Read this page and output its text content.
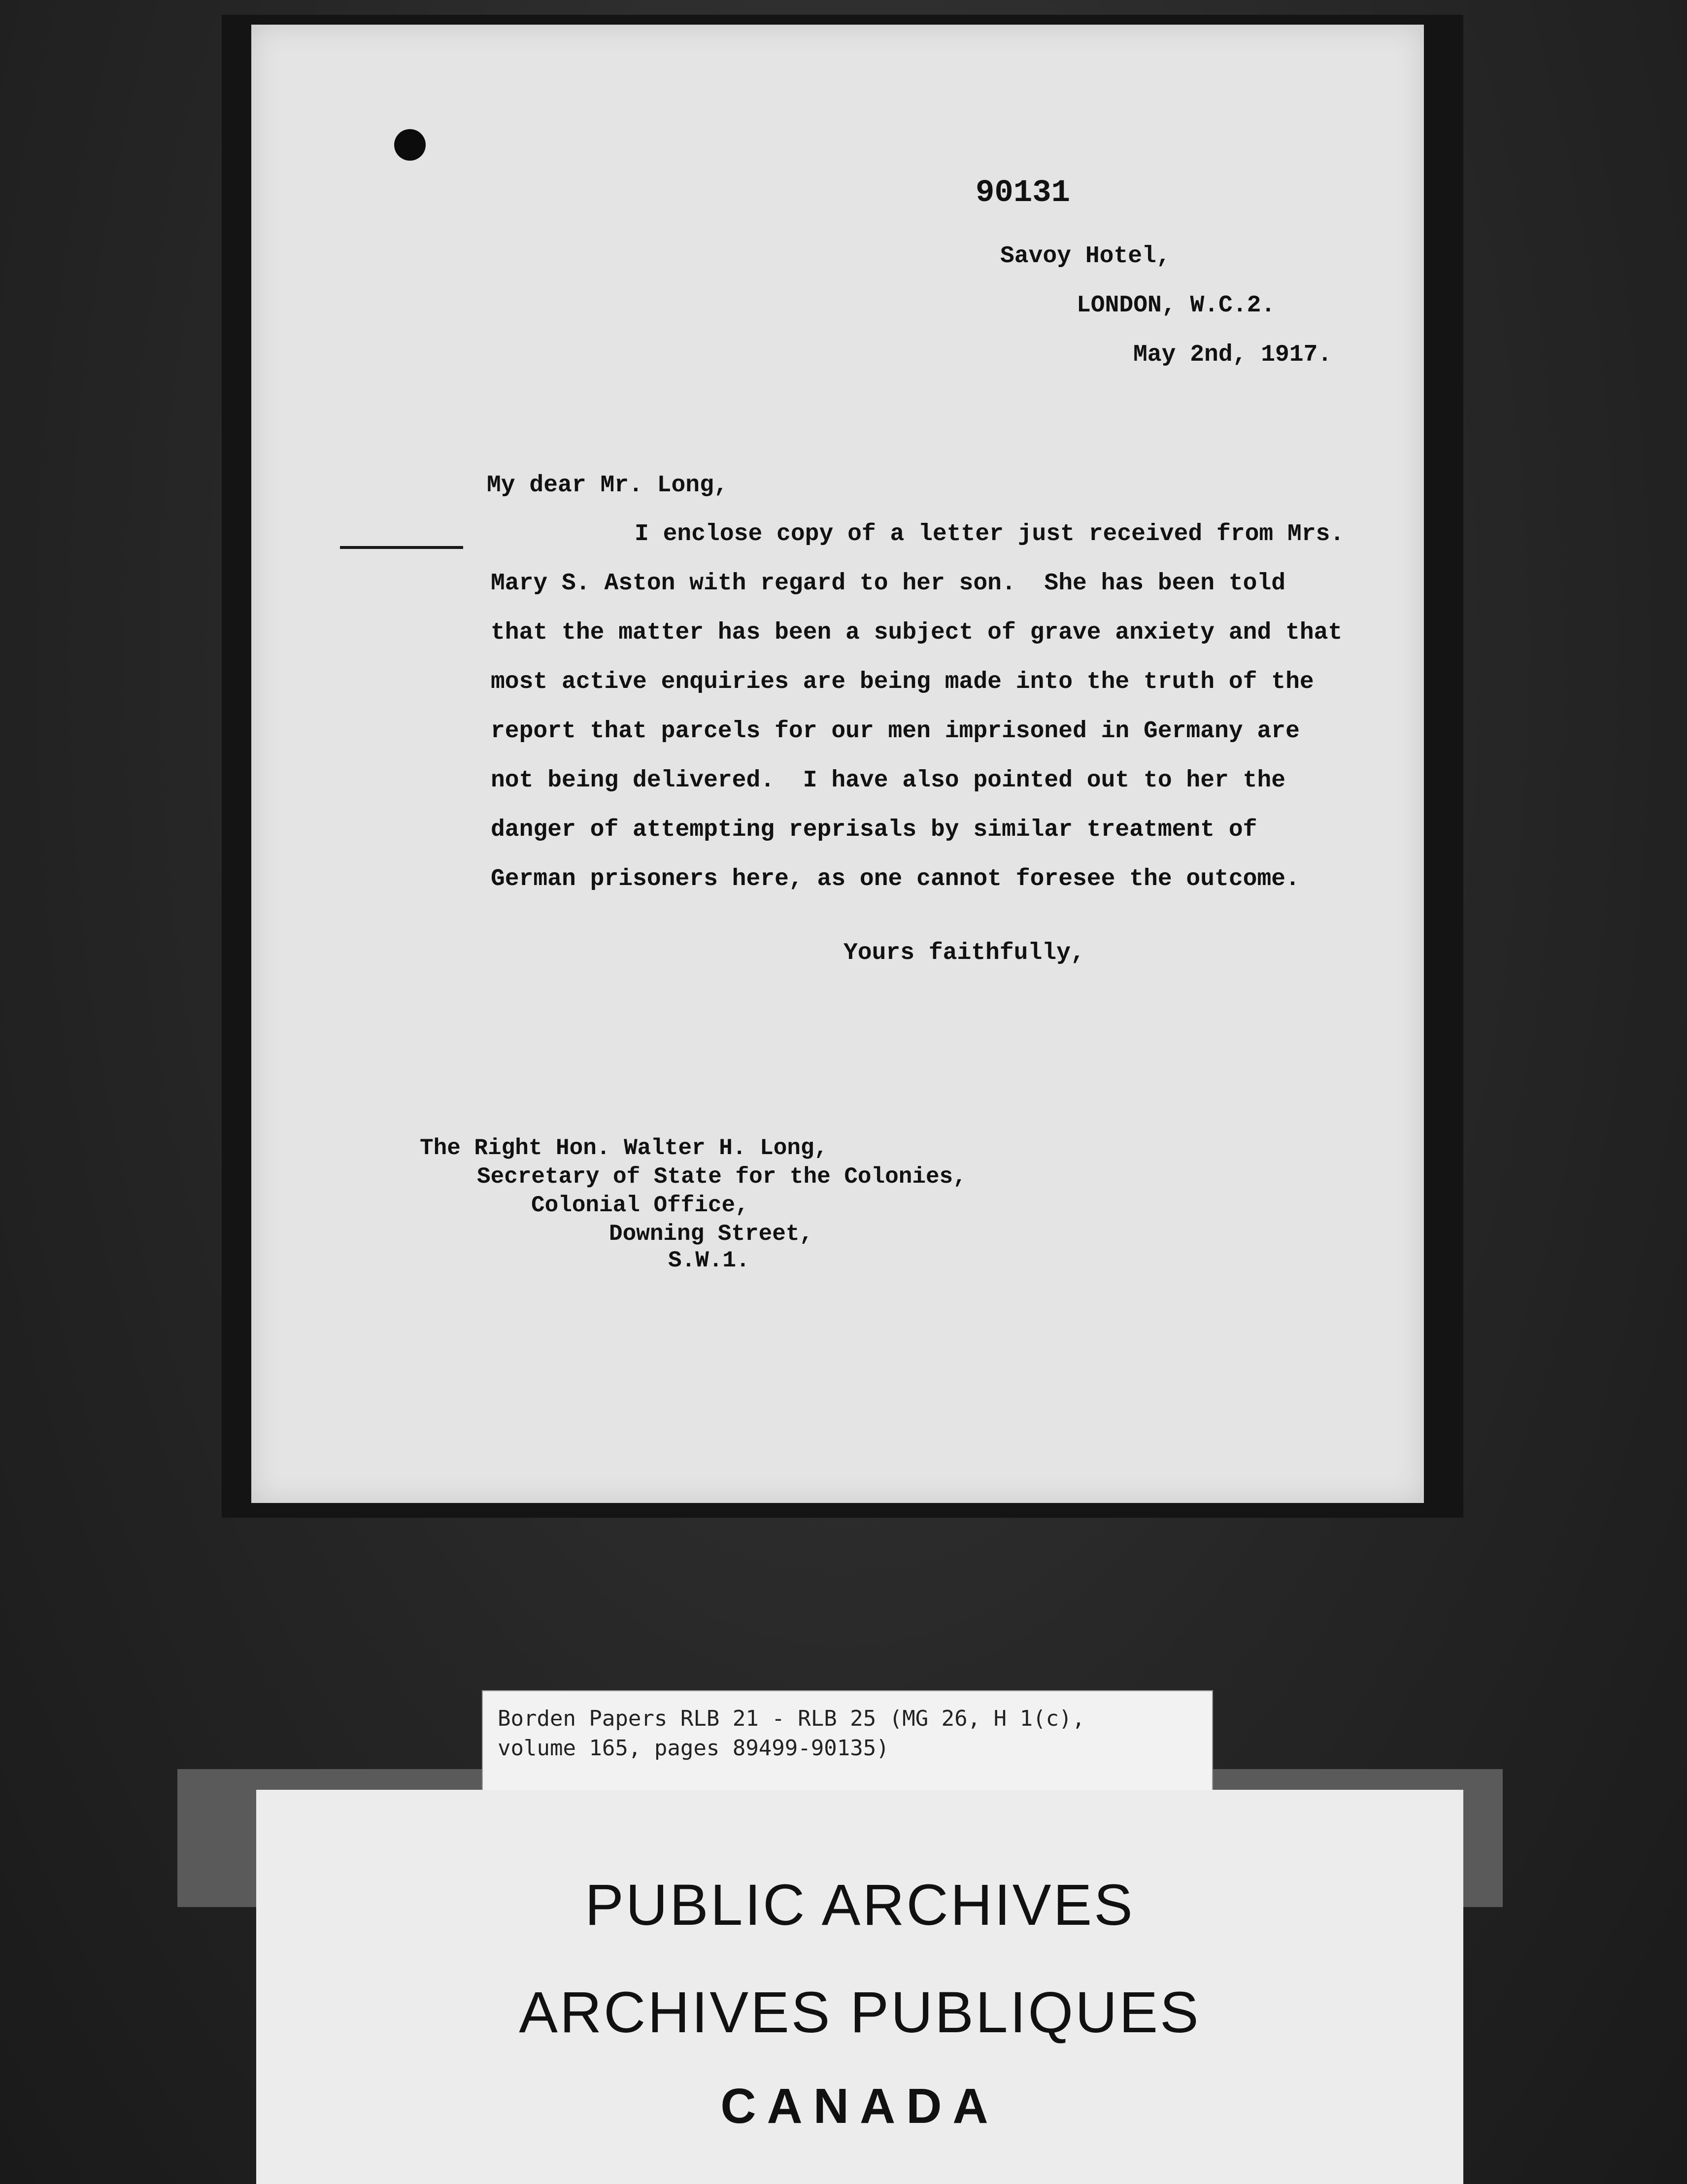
90131

Savoy Hotel,

LONDON, W.C.2.

May 2nd, 1917.

My dear Mr. Long,

I enclose copy of a letter just received from Mrs.

Mary S. Aston with regard to her son.  She has been told

that the matter has been a subject of grave anxiety and that

most active enquiries are being made into the truth of the

report that parcels for our men imprisoned in Germany are

not being delivered.  I have also pointed out to her the

danger of attempting reprisals by similar treatment of

German prisoners here, as one cannot foresee the outcome.

Yours faithfully,

The Right Hon. Walter H. Long,

Secretary of State for the Colonies,

Colonial Office,

Downing Street,

S.W.1.

Borden Papers RLB 21 - RLB 25 (MG 26, H 1(c),
volume 165, pages 89499-90135)

PUBLIC ARCHIVES

ARCHIVES PUBLIQUES

CANADA
